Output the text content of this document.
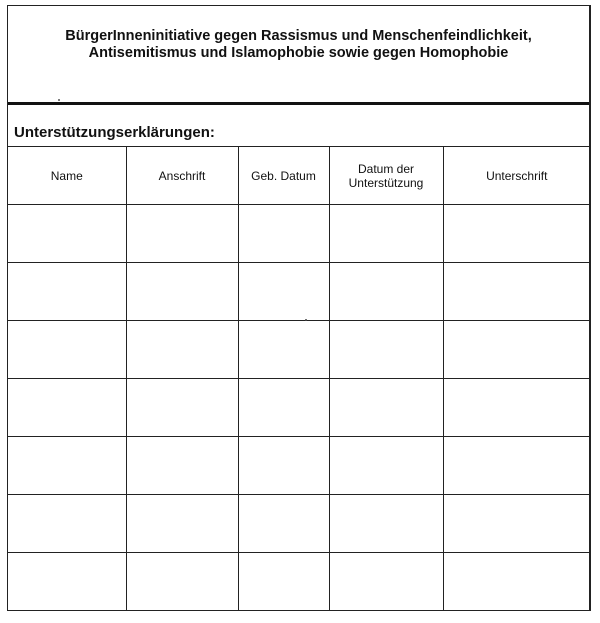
BürgerInneninitiative gegen Rassismus und Menschenfeindlichkeit,
Antisemitismus und Islamophobie sowie gegen Homophobie
Unterstützungserklärungen:
Name	Anschrift	Geb. Datum	Datum der Unterstützung	Unterschrift
